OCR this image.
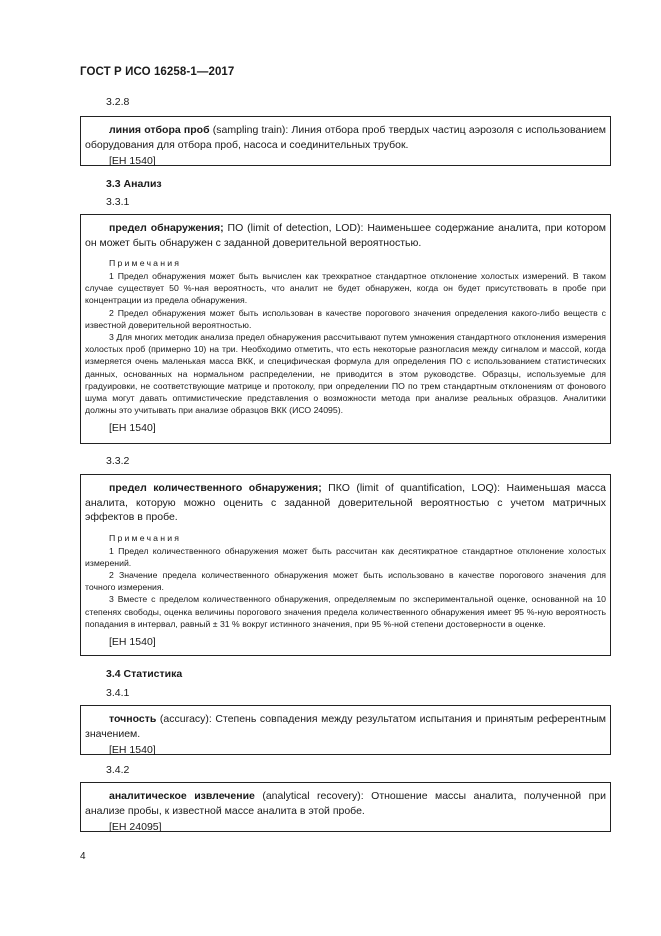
ГОСТ Р ИСО 16258-1—2017
3.2.8

линия отбора проб (sampling train): Линия отбора проб твердых частиц аэрозоля с использованием оборудования для отбора проб, насоса и соединительных трубок.

[EH 1540]
3.3 Анализ
3.3.1

предел обнаружения; ПО (limit of detection, LOD): Наименьшее содержание аналита, при котором он может быть обнаружен с заданной доверительной вероятностью.

Примечания

1 Предел обнаружения может быть вычислен как трехкратное стандартное отклонение холостых измерений. В таком случае существует 50 %-ная вероятность, что аналит не будет обнаружен, когда он будет присутствовать в пробе при концентрации из предела обнаружения.

2 Предел обнаружения может быть использован в качестве порогового значения определения какого-либо веществ с известной доверительной вероятностью.

3 Для многих методик анализа предел обнаружения рассчитывают путем умножения стандартного отклонения измерения холостых проб (примерно 10) на три. Необходимо отметить, что есть некоторые разногласия между сигналом и массой, когда измеряется очень маленькая масса ВКК, и специфическая формула для определения ПО с использованием статистических данных, основанных на нормальном распределении, не приводится в этом руководстве. Образцы, используемые для градуировки, не соответствующие матрице и протоколу, при определении ПО по трем стандартным отклонениям от фонового шума могут давать оптимистические представления о возможности метода при анализе реальных образцов. Аналитики должны это учитывать при анализе образцов ВКК (ИСО 24095).

[EH 1540]
3.3.2

предел количественного обнаружения; ПКО (limit of quantification, LOQ): Наименьшая масса аналита, которую можно оценить с заданной доверительной вероятностью с учетом матричных эффектов в пробе.

Примечания

1 Предел количественного обнаружения может быть рассчитан как десятикратное стандартное отклонение холостых измерений.

2 Значение предела количественного обнаружения может быть использовано в качестве порогового значения для точного измерения.

3 Вместе с пределом количественного обнаружения, определяемым по экспериментальной оценке, основанной на 10 степенях свободы, оценка величины порогового значения предела количественного обнаружения имеет 95 %-ную вероятность попадания в интервал, равный ± 31 % вокруг истинного значения, при 95 %-ной степени достоверности в оценке.

[EH 1540]
3.4 Статистика
3.4.1

точность (accuracy): Степень совпадения между результатом испытания и принятым референтным значением.

[EH 1540]
3.4.2

аналитическое извлечение (analytical recovery): Отношение массы аналита, полученной при анализе пробы, к известной массе аналита в этой пробе.

[EH 24095]
4
